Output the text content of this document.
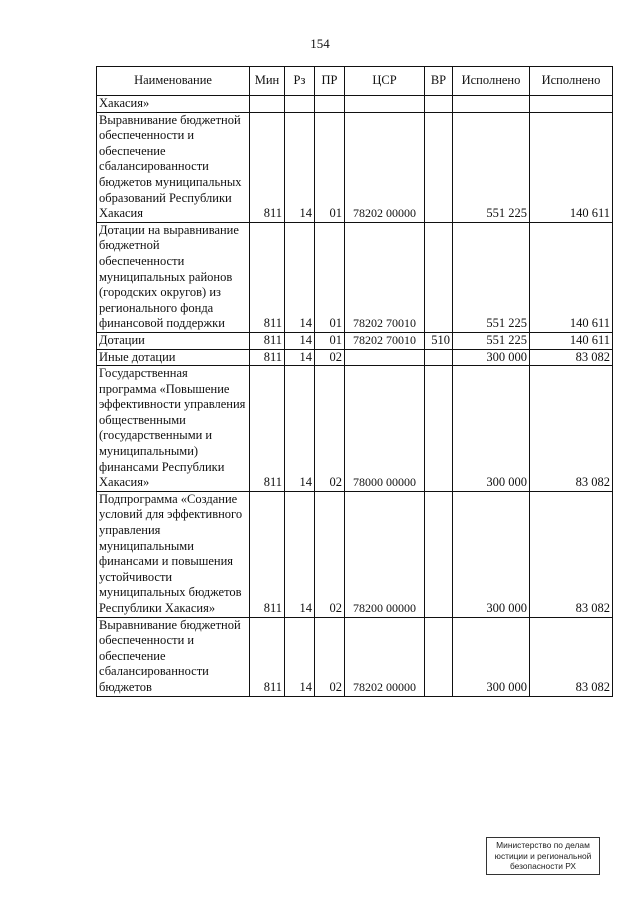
154
Наименование	Мин	Рз	ПР	ЦСР	ВР	Исполнено	Исполнено
Хакасия»							
Выравнивание бюджетной обеспеченности и обеспечение сбалансированности бюджетов муниципальных образований Республики Хакасия	811	14	01	78202 00000		551 225	140 611
Дотации на выравнивание бюджетной обеспеченности муниципальных районов (городских округов) из регионального фонда финансовой поддержки	811	14	01	78202 70010		551 225	140 611
Дотации	811	14	01	78202 70010	510	551 225	140 611
Иные дотации	811	14	02			300 000	83 082
Государственная программа «Повышение эффективности управления общественными (государственными и муниципальными) финансами Республики Хакасия»	811	14	02	78000 00000		300 000	83 082
Подпрограмма «Создание условий для эффективного управления муниципальными финансами и повышения устойчивости муниципальных бюджетов Республики Хакасия»	811	14	02	78200 00000		300 000	83 082
Выравнивание бюджетной обеспеченности и обеспечение сбалансированности бюджетов	811	14	02	78202 00000		300 000	83 082
Министерство по делам
юстиции и региональной
безопасности РХ
